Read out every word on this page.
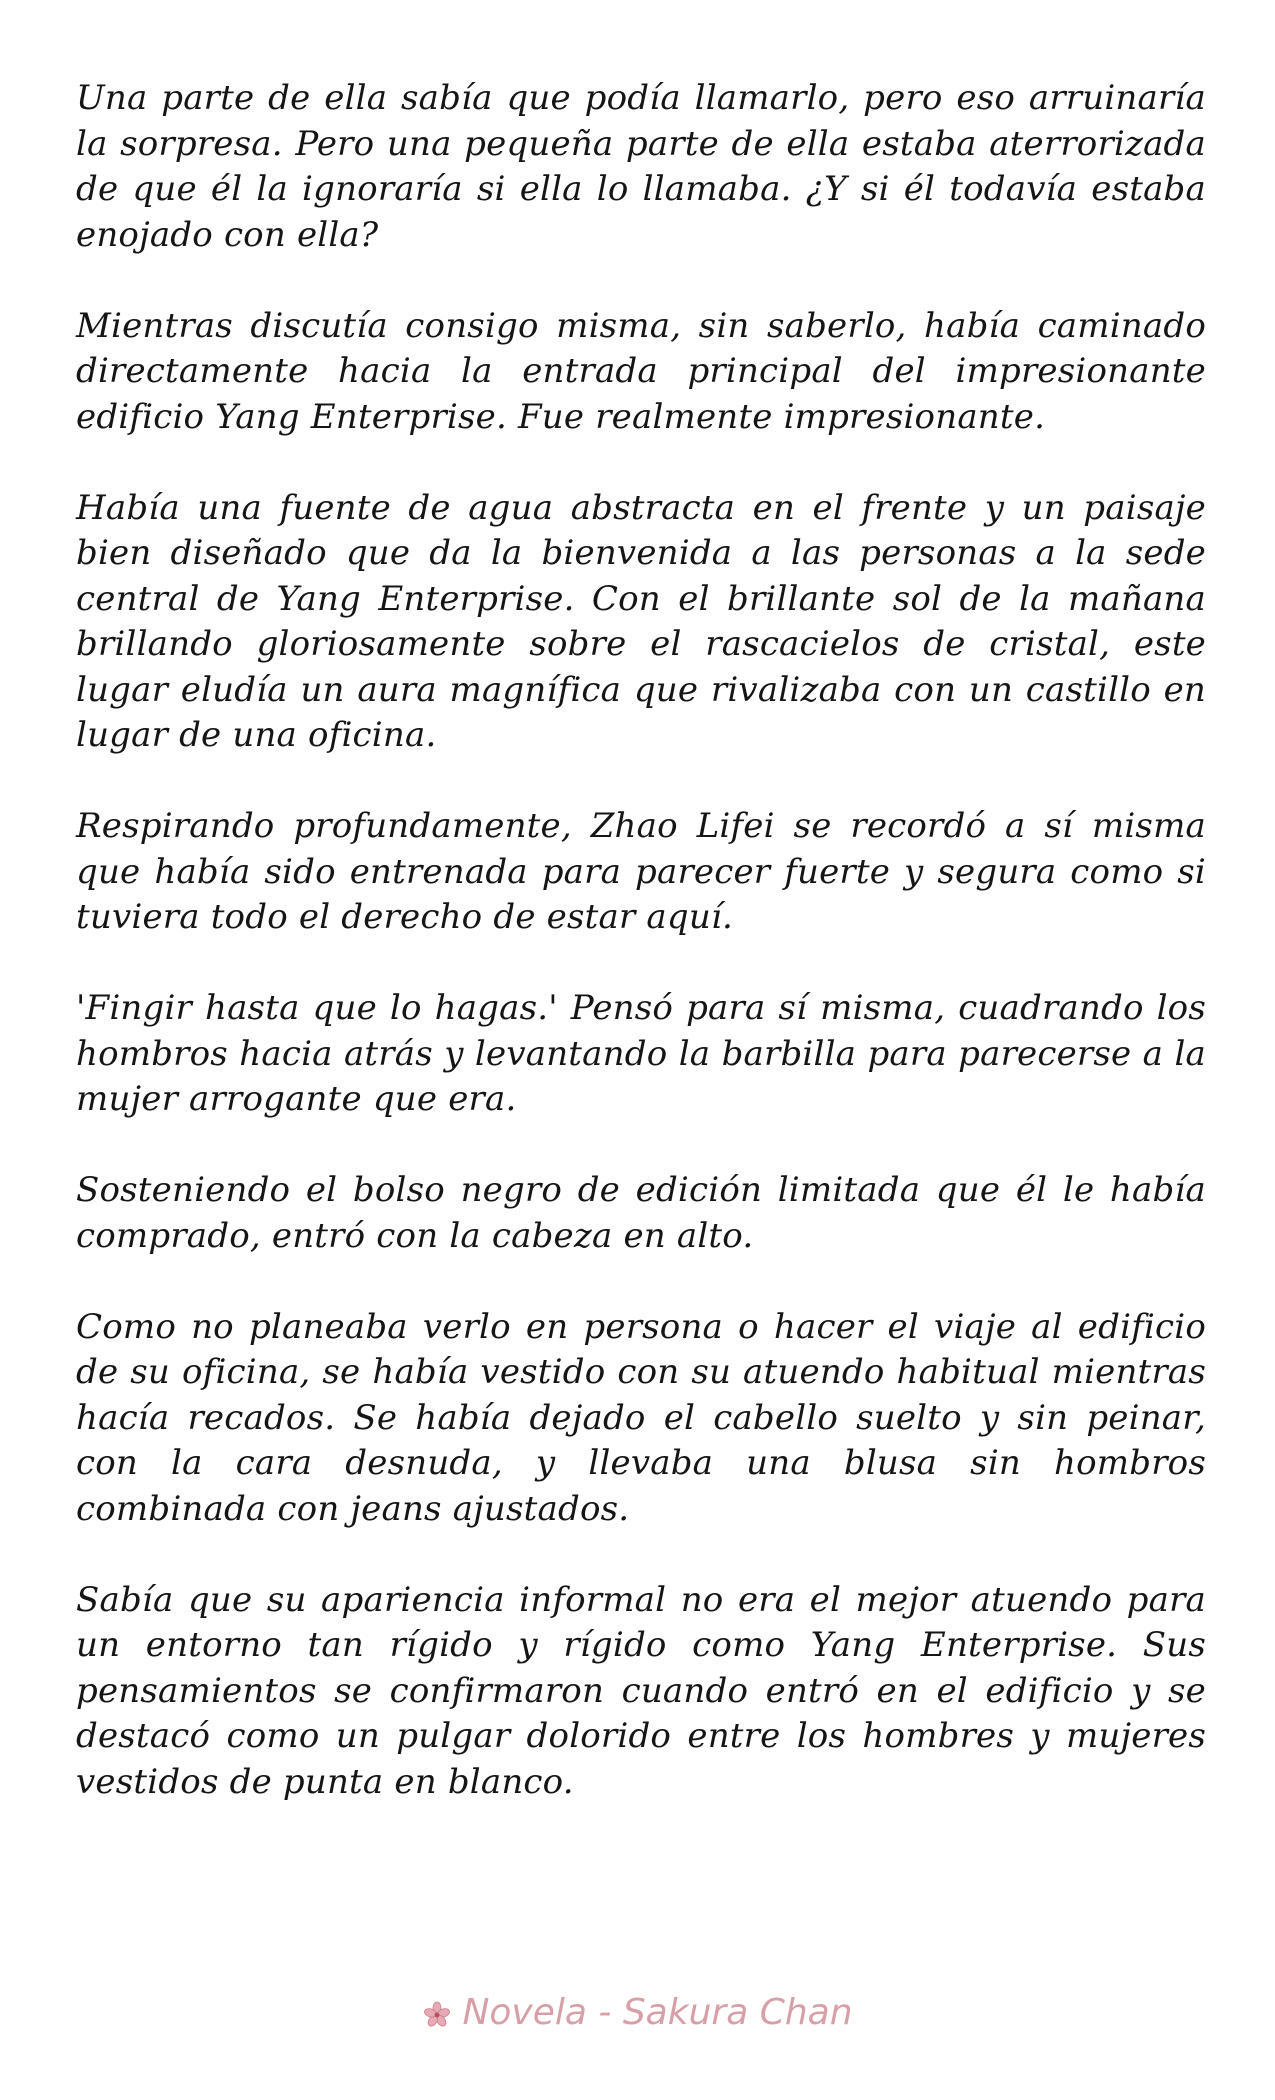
Una parte de ella sabía que podía llamarlo, pero eso arruinaría la sorpresa. Pero una pequeña parte de ella estaba aterrorizada de que él la ignoraría si ella lo llamaba. ¿Y si él todavía estaba enojado con ella?

Mientras discutía consigo misma, sin saberlo, había caminado directamente hacia la entrada principal del impresionante edificio Yang Enterprise. Fue realmente impresionante.

Había una fuente de agua abstracta en el frente y un paisaje bien diseñado que da la bienvenida a las personas a la sede central de Yang Enterprise. Con el brillante sol de la mañana brillando gloriosamente sobre el rascacielos de cristal, este lugar eludía un aura magnífica que rivalizaba con un castillo en lugar de una oficina.

Respirando profundamente, Zhao Lifei se recordó a sí misma que había sido entrenada para parecer fuerte y segura como si tuviera todo el derecho de estar aquí.

'Fingir hasta que lo hagas.' Pensó para sí misma, cuadrando los hombros hacia atrás y levantando la barbilla para parecerse a la mujer arrogante que era.

Sosteniendo el bolso negro de edición limitada que él le había comprado, entró con la cabeza en alto.

Como no planeaba verlo en persona o hacer el viaje al edificio de su oficina, se había vestido con su atuendo habitual mientras hacía recados. Se había dejado el cabello suelto y sin peinar, con la cara desnuda, y llevaba una blusa sin hombros combinada con jeans ajustados.

Sabía que su apariencia informal no era el mejor atuendo para un entorno tan rígido y rígido como Yang Enterprise. Sus pensamientos se confirmaron cuando entró en el edificio y se destacó como un pulgar dolorido entre los hombres y mujeres vestidos de punta en blanco.

Novela - Sakura Chan
